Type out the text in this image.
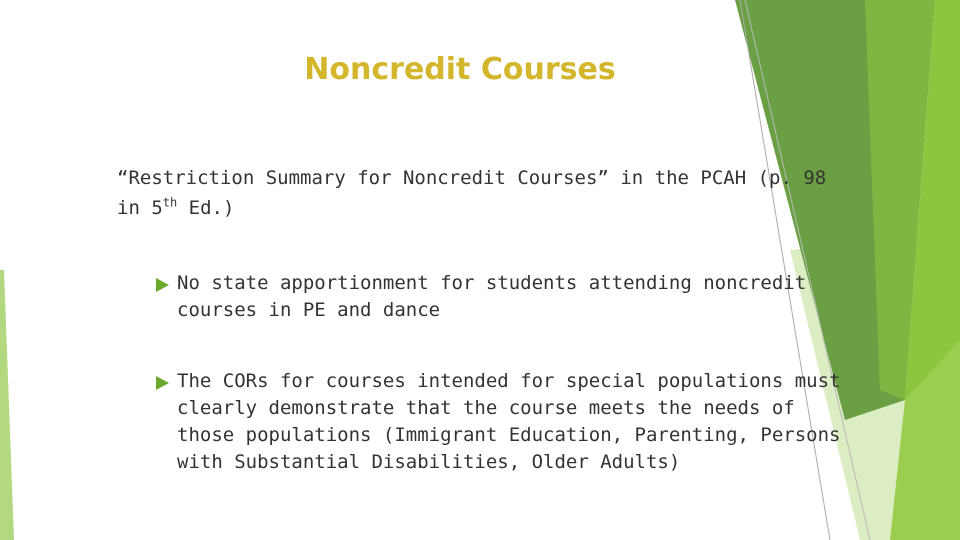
Noncredit Courses
“Restriction Summary for Noncredit Courses” in the PCAH (p. 98 in 5th Ed.)
No state apportionment for students attending noncredit courses in PE and dance
The CORs for courses intended for special populations must clearly demonstrate that the course meets the needs of those populations (Immigrant Education, Parenting, Persons with Substantial Disabilities, Older Adults)
